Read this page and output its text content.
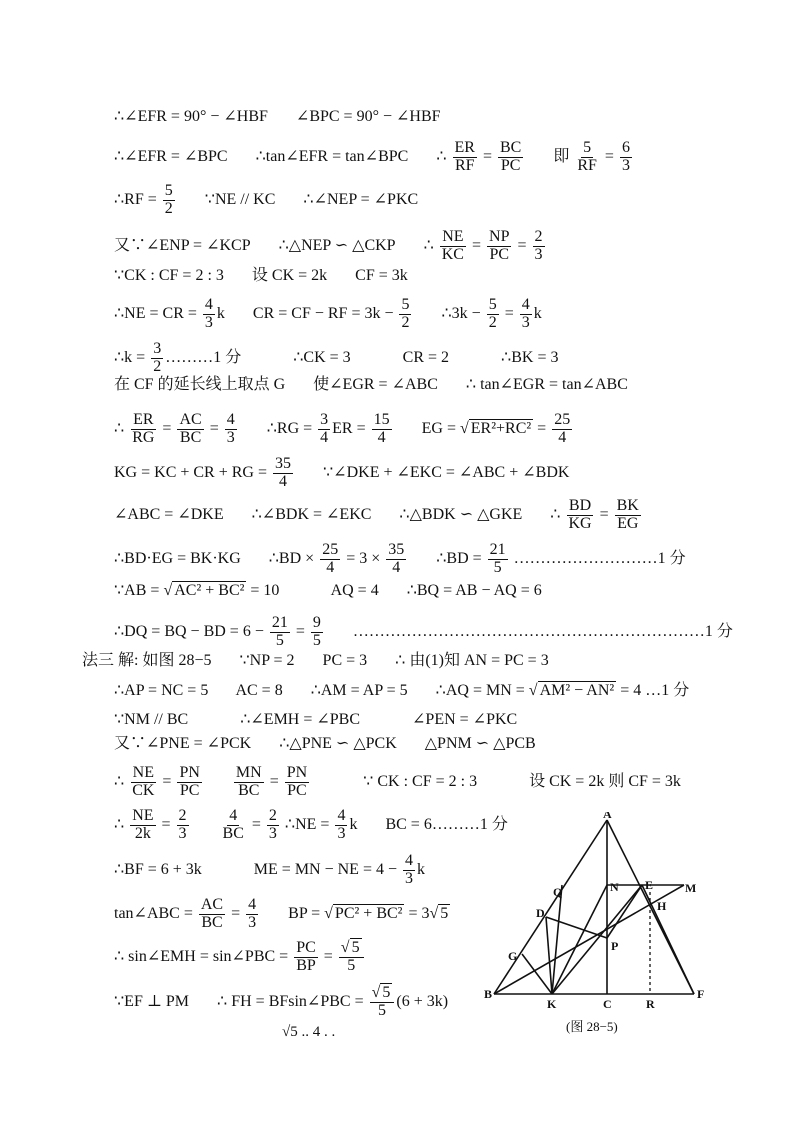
∴∠EFR = 90° − ∠HBF ∠BPC = 90° − ∠HBF
∴∠EFR = ∠BPC ∴tan∠EFR = tan∠BPC ∴ $\frac{ER}{RF} = \frac{BC}{PC}$ 即 $\frac{5}{RF} = \frac{6}{3}$
∴RF = $\frac{5}{2}$ ∵NE // KC ∴∠NEP = ∠PKC
又∵∠ENP = ∠KCP ∴△NEP ∽ △CKP ∴ $\frac{NE}{KC} = \frac{NP}{PC} = \frac{2}{3}$
∵CK : CF = 2 : 3 设 CK = 2k CF = 3k
∴NE = CR = $\frac{4}{3}$ k CR = CF − RF = $3k - \frac{5}{2}$ ∴3k − $\frac{5}{2} = \frac{4}{3}$ k
∴k = $\frac{3}{2}$ ………1 分	∴CK = 3	CR = 2	∴BK = 3
在 CF 的延长线上取点 G 使∠EGR = ∠ABC ∴ tan∠EGR = tan∠ABC
∴ $\frac{ER}{RG} = \frac{AC}{BC} = \frac{4}{3}$ ∴RG = $\frac{3}{4}$ ER = $\frac{15}{4}$ EG = √ $ER^2+RC^2 = \frac{25}{4}$
KG = KC + CR + RG = $\frac{35}{4}$ ∵∠DKE + ∠EKC = ∠ABC + ∠BDK
∠ABC = ∠DKE ∴∠BDK = ∠EKC ∴△BDK ∽ △GKE ∴ $\frac{BD}{KG} = \frac{BK}{EG}$
∴BD·EG = BK·KG ∴BD × $\frac{25}{4} = 3 \times \frac{35}{4}$ ∴BD = $\frac{21}{5}$ ………………………1 分
∵AB = √ AC² + BC² = 10	AQ = 4 ∴BQ = AB − AQ = 6
∴DQ = BQ − BD = $6 - \frac{21}{5} = \frac{9}{5}$ …………………………………………………………1 分
法三 解: 如图 28−5 ∵NP = 2 PC = 3 ∴ 由(1)知 AN = PC = 3
∴AP = NC = 5 AC = 8 ∴AM = AP = 5 ∴AQ = MN = √ AM² − AN² = 4 …1 分
∵NM // BC	∴∠EMH = ∠PBC	∠PEN = ∠PKC
又∵∠PNE = ∠PCK ∴△PNE ∽ △PCK △PNM ∽ △PCB
∴ $\frac{NE}{CK} = \frac{PN}{PC}$
$\frac{MN}{BC} = \frac{PN}{PC}$	∵ CK : CF = 2 : 3	设 CK = 2k 则 CF = 3k
∴ $\frac{NE}{2k} = \frac{2}{3}$
$\frac{4}{BC} = \frac{2}{3}$ ∴NE = $\frac{4}{3}$ k BC = 6………1 分
∴BF = 6 + 3k	ME = MN − NE = $4 - \frac{4}{3}$ k
tan∠ABC = $\frac{AC}{BC} = \frac{4}{3}$ BP = √ PC² + BC² = 3√ 5
∴ sin∠EMH = sin∠PBC = $\frac{PC}{BP} = \frac{√ 5}{5}$
∵EF ⊥ PM ∴ FH = BFsin∠PBC = $\frac{√ 5}{5} (6 + 3k)$
√5 .. 4 . .
A
Q	N E	M
H
D
P
G
B
K	C	R
F
(图 28−5)
